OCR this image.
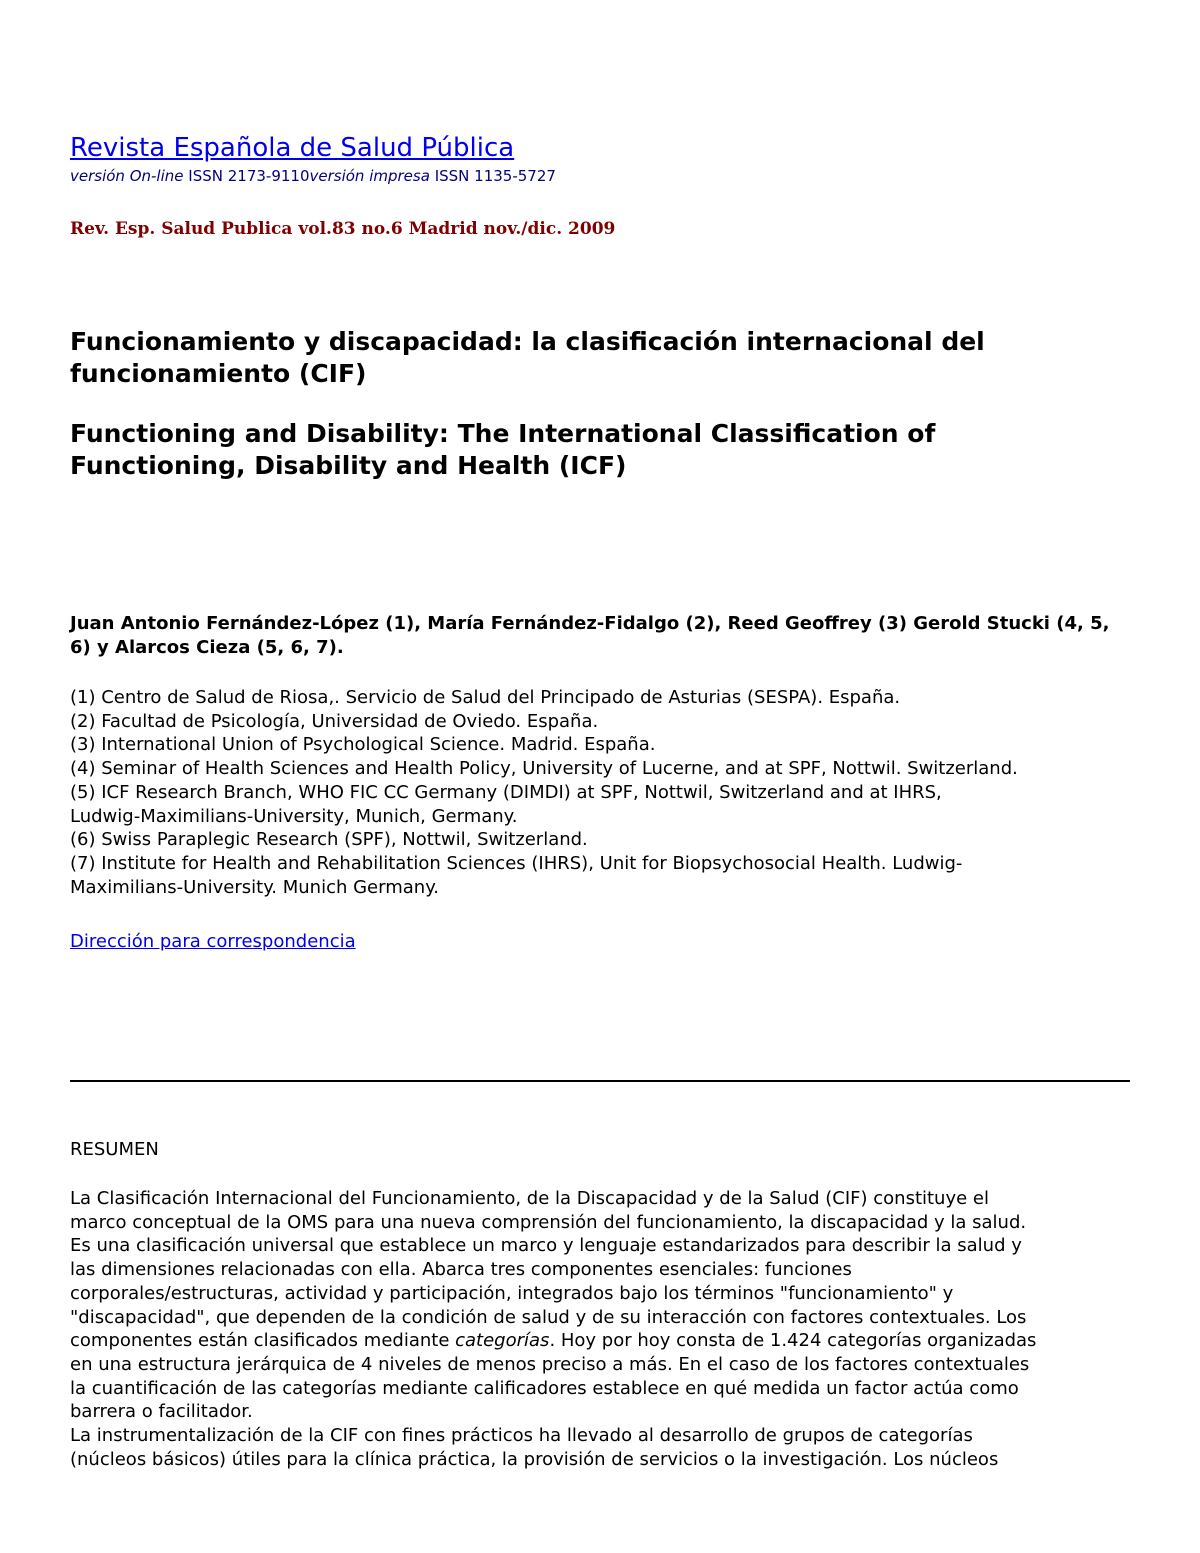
Revista Española de Salud Pública
versión On-line ISSN 2173-9110versión impresa ISSN 1135-5727
Rev. Esp. Salud Publica vol.83 no.6 Madrid nov./dic. 2009
Funcionamiento y discapacidad: la clasificación internacional del funcionamiento (CIF)
Functioning and Disability: The International Classification of Functioning, Disability and Health (ICF)
Juan Antonio Fernández-López (1), María Fernández-Fidalgo (2), Reed Geoffrey (3) Gerold Stucki (4, 5, 6) y Alarcos Cieza (5, 6, 7).
(1) Centro de Salud de Riosa,. Servicio de Salud del Principado de Asturias (SESPA). España.
(2) Facultad de Psicología, Universidad de Oviedo. España.
(3) International Union of Psychological Science. Madrid. España.
(4) Seminar of Health Sciences and Health Policy, University of Lucerne, and at SPF, Nottwil. Switzerland.
(5) ICF Research Branch, WHO FIC CC Germany (DIMDI) at SPF, Nottwil, Switzerland and at IHRS,
Ludwig-Maximilians-University, Munich, Germany.
(6) Swiss Paraplegic Research (SPF), Nottwil, Switzerland.
(7) Institute for Health and Rehabilitation Sciences (IHRS), Unit for Biopsychosocial Health. Ludwig-
Maximilians-University. Munich Germany.
Dirección para correspondencia
RESUMEN
La Clasificación Internacional del Funcionamiento, de la Discapacidad y de la Salud (CIF) constituye el
marco conceptual de la OMS para una nueva comprensión del funcionamiento, la discapacidad y la salud.
Es una clasificación universal que establece un marco y lenguaje estandarizados para describir la salud y
las dimensiones relacionadas con ella. Abarca tres componentes esenciales: funciones
corporales/estructuras, actividad y participación, integrados bajo los términos "funcionamiento" y
"discapacidad", que dependen de la condición de salud y de su interacción con factores contextuales. Los
componentes están clasificados mediante categorías. Hoy por hoy consta de 1.424 categorías organizadas
en una estructura jerárquica de 4 niveles de menos preciso a más. En el caso de los factores contextuales
la cuantificación de las categorías mediante calificadores establece en qué medida un factor actúa como
barrera o facilitador.
La instrumentalización de la CIF con fines prácticos ha llevado al desarrollo de grupos de categorías
(núcleos básicos) útiles para la clínica práctica, la provisión de servicios o la investigación. Los núcleos
